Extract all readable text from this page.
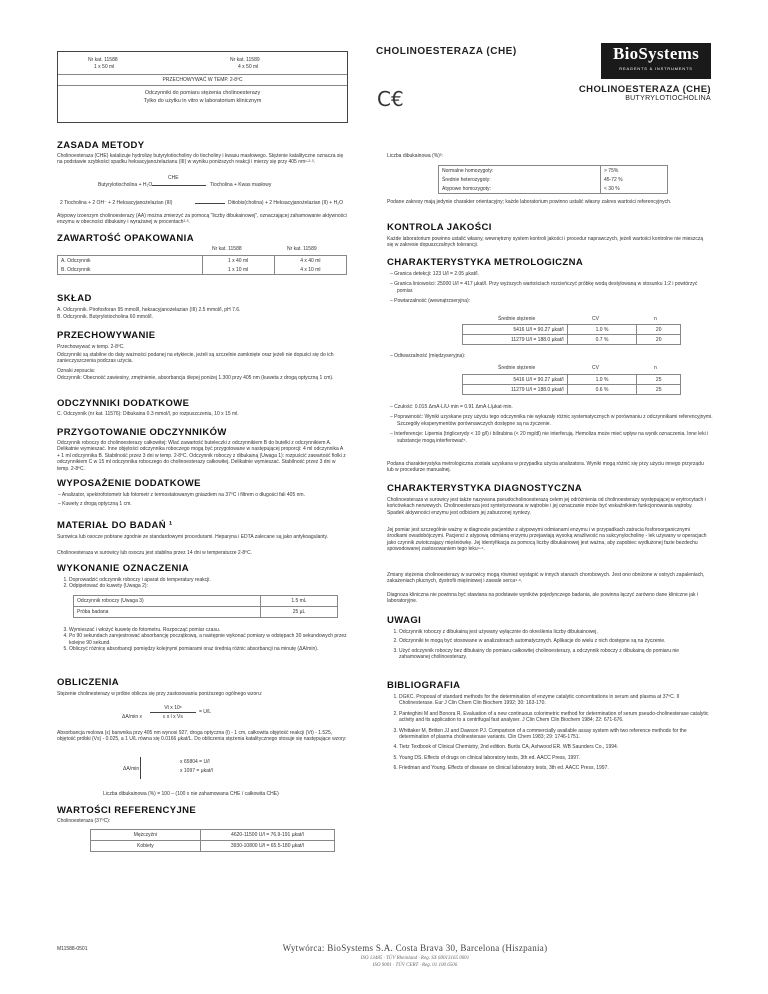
Nr kat. 11588
1 x 50 ml
Nr kat. 11589
4 x 50 ml
PRZECHOWYWAĆ W TEMP. 2-8ºC
Odczynniki do pomiaru stężenia cholinoesterazy
Tylko do użytku in vitro w laboratorium klinicznym
CHOLINOESTERAZA (CHE)
C€
BioSystems
REAGENTS & INSTRUMENTS
CHOLINOESTERAZA (CHE)
BUTYRYLOTIOCHOLINA
ZASADA METODY
Cholinoesteraza (CHE) katalizuje hydrolizę butyrylotiocholiny do tiocholiny i kwasu masłowego. Stężenie katalityczne oznacza się na podstawie szybkości spadku heksacyjanożelazianu (III) w wyniku poniższych reakcji i mierzy się przy 405 nm¹·²·³.
CHE
Butyrylotiocholina + H₂O	Tiocholina + Kwas masłowy
2 Tiocholina + 2 OH⁻ + 2 Heksacyjanożelazian (III)	Ditiobis(cholina) + 2 Heksacyjanożelazian (II) + H₂O
Atypowy izoenzym cholinoesterazy (AA) można zmierzyć za pomocą "liczby dibukainowej", oznaczającej zahamowanie aktywności enzymu w obecności dibukainy i wyrażanej w procentach²·³.
ZAWARTOŚĆ OPAKOWANIA
Nr kat. 11588	Nr kat. 11589
A. Odczynnik	1 x 40 ml	4 x 40 ml
B. Odczynnik	1 x 10 ml	4 x 10 ml
SKŁAD
A. Odczynnik. Pirofosforan 95 mmol/l, heksacyjanożelazian (III) 2.5 mmol/l, pH 7.6.
B. Odczynnik. Butyrylotiocholina 60 mmol/l.
PRZECHOWYWANIE
Przechowywać w temp. 2-8ºC.
Odczynniki są stabilne do daty ważności podanej na etykiecie, jeżeli są szczelnie zamknięte oraz jeżeli nie dopuści się do ich zanieczyszczenia podczas użycia.
Oznaki zepsucia:
Odczynnik: Obecność zawiesiny, zmętnienie, absorbancja ślepej poniżej 1.300 przy 405 nm (kuweta z drogą optyczną 1 cm).
ODCZYNNIKI DODATKOWE
C. Odczynnik (nr kat. 11576): Dibukaina 0.3 mmol/l, po rozpuszczeniu, 10 x 15 ml.
PRZYGOTOWANIE ODCZYNNIKÓW
Odczynnik roboczy do cholinoesterazy całkowitej: Wlać zawartość buteleczki z odczynnikiem B do butelki z odczynnikiem A. Delikatnie wymieszać. Inne objętości odczynnika roboczego mogą być przygotowane w następującej proporcji: 4 ml odczynnika A + 1 ml odczynnika B. Stabilność przez 3 dni w temp. 2-8ºC. Odczynnik roboczy z dibukainą (Uwaga 1): rozpuścić zawartość fiolki z odczynnikiem C w 15 ml odczynnika roboczego do cholinoesterazy całkowitej. Delikatnie wymieszać. Stabilność przez 3 dni w temp. 2-8ºC.
WYPOSAŻENIE DODATKOWE
– Analizator, spektrofotometr lub fotometr z termostatowanym gniazdem na 37ºC i filtrem o długości fali 405 nm.
– Kuwety z drogą optyczną 1 cm.
MATERIAŁ DO BADAŃ ¹
Surowica lub osocze pobrane zgodnie ze standardowymi procedurami. Heparyna i EDTA zalecane są jako antykoagulanty.
Cholinoesteraza w surowicy lub osoczu jest stabilna przez 14 dni w temperaturze 2-8ºC.
WYKONANIE OZNACZENIA
1. Doprowadzić odczynnik roboczy i aparat do temperatury reakcji.
2. Odpipetować do kuwety (Uwaga 2):
Odczynnik roboczy (Uwaga 3)	1.5 mL
Próba badana	25 µL
3. Wymieszać i włożyć kuwetę do fotometru. Rozpocząć pomiar czasu.
4. Po 90 sekundach zarejestrować absorbancję początkową, a następnie wykonać pomiary w odstępach 30 sekundowych przez kolejne 90 sekund.
5. Obliczyć różnicę absorbancji pomiędzy kolejnymi pomiarami oraz średnią różnic absorbancji na minutę (ΔA/min).
OBLICZENIA
Stężenie cholinesterazy w próbie oblicza się przy zastosowaniu poniższego ogólnego wzoru:
ΔA/min x
Vt x 10⁶
ε x l x Vs
= U/L
Absorbancja molowa (ε) barwnika przy 405 nm wynosi 927, droga optyczna (l) - 1 cm, całkowita objętość reakcji (Vt) - 1.525, objętość próbki (Vs) - 0.025, a 1 U/L równa się 0.0166 µkat/L. Do obliczenia stężenia katalitycznego stosuje się następujące wzory:
ΔA/min
x 65804 = U/l
x 1097 = µkat/l
Liczba dibukainowa (%) = 100 – (100 x nie zahamowana CHE / całkowita CHE)
WARTOŚCI REFERENCYJNE
Cholinoesteraza (37ºC):
Mężczyźni	4620-11500 U/l = 76.9-191 µkat/l
Kobiety	3930-10800 U/l = 65.5-180 µkat/l
M11588-0501
Liczba dibukainowa (%)³:
Normalne homozygoty:	> 75%
Średnie heterozygoty:	45-72 %
Atypowe homozygoty:	< 30 %
Podane zakresy mają jedynie charakter orientacyjny; każde laboratorium powinno ustalić własny zakres wartości referencyjnych.
KONTROLA JAKOŚCI
Każde laboratorium powinno ustalić własny, wewnętrzny system kontroli jakości i procedur naprawczych, jeżeli wartości kontrolne nie mieszczą się w zakresie dopuszczalnych tolerancji.
CHARAKTERYSTYKA METROLOGICZNA
– Granica detekcji: 123 U/l = 2.05 µkat/l.
– Granica liniowości: 25000 U/l = 417 µkat/l. Przy wyższych wartościach rozcieńczyć próbkę wodą destylowaną w stosunku 1:2 i powtórzyć pomiar.
– Powtarzalność (wewnątrzseryjna):
Średnie stężenie	CV	n
5416 U/l = 90.27 µkat/l	1.0 %	20
11279 U/l = 188.0 µkat/l	0.7 %	20
– Odtwarzalność (międzyseryjna):
Średnie stężenie	CV	n
5416 U/l = 90.27 µkat/l	1.0 %	25
11279 U/l = 188.0 µkat/l	0.6 %	25
– Czułość: 0.015 ΔmA·L/U·min = 0.91 ΔmA·L/µkat·min.
– Poprawność: Wyniki uzyskane przy użyciu tego odczynnika nie wykazały różnic systematycznych w porównaniu z odczynnikami referencyjnymi. Szczegóły eksperymentów porównawczych dostępne są na życzenie.
– Interferencje: Lipemia (triglicerydy < 10 g/l) i bilirubina (< 20 mg/dl) nie interferują. Hemoliza może mieć wpływ na wynik oznaczenia. Inne leki i substancje mogą interferować⁵.
Podana charakterystyka metrologiczna została uzyskana w przypadku użycia analizatora. Wyniki mogą różnić się przy użyciu innego przyrządu lub w procedurze manualnej.
CHARAKTERYSTYKA DIAGNOSTYCZNA
Cholinoesteraza w surowicy jest także nazywana pseudocholinoesterazą celem jej odróżnienia od cholinoesterazy występującej w erytrocytach i końcówkach nerwowych. Cholinoesteraza jest syntetyzowana w wątrobie i jej oznaczanie może być wskaźnikiem funkcjonowania wątroby. Spadek aktywności enzymu jest odbiciem jej zaburzonej syntezy.
Jej pomiar jest szczególnie ważny w diagnozie pacjentów z atypowymi odmianami enzymu i w przypadkach zatrucia fosforoorganicznymi środkami owadobójczymi. Pacjenci z atypową odmianą enzymu przejawiają wysoką wrażliwość na sukcynylocholinę - lek używany w operacjach jako czynnik zwiotczający mięśniówkę. Jej identyfikacja za pomocą liczby dibukainowej jest ważna, aby zapobiec wydłużonej fazie bezdechu spowodowanej zastosowaniem tego leku⁴·⁶.
Zmiany stężenia cholinoesterazy w surowicy mogą również wystąpić w innych stanach chorobowych. Jest ono obniżone w ostrych zapaleniach, zakażeniach płucnych, dystrofii mięśniowej i zawale serca⁴·⁶.
Diagnoza kliniczna nie powinna być stawiana na podstawie wyników pojedynczego badania, ale powinna łączyć zarówno dane kliniczne jak i laboratoryjne.
UWAGI
1. Odczynnik roboczy z dibukainą jest używany wyłącznie do określenia liczby dibukainowej.
2. Odczynniki te mogą być stosowane w analizatorach automatycznych. Aplikacje do wielu z nich dostępne są na życzenie.
3. Użyć odczynnik roboczy bez dibukainy do pomiaru całkowitej cholinoesterazy, a odczynnik roboczy z dibukainą do pomiaru nie zahamowanej cholinoesterazy.
BIBLIOGRAFIA
1. DGKC. Proposal of standard methods for the determination of enzyme catalytic concentrations in serum and plasma at 37ºC. II Cholinesterase. Eur J Clin Chem Clin Biochem 1992; 30: 163-170.
2. Panteghini M and Bonora R. Evaluation of a new continuous colorimetric method for determination of serum pseudo-cholinesterase catalytic activity and its application to a centrifugal fast analyser. J Clin Chem Clin Biochem 1984; 22: 671-676.
3. Whittaker M, Britten JJ and Dawson PJ. Comparison of a commercially available assay system with two reference methods for the determination of plasma cholinesterase variants. Clin Chem 1983; 29: 1746-1751.
4. Tietz Textbook of Clinical Chemistry, 2nd edition. Burtis CA, Ashwood ER. WB Saunders Co., 1994.
5. Young DS. Effects of drugs on clinical laboratory tests, 3th ed. AACC Press, 1997.
6. Friedman and Young. Effects of disease on clinical laboratory tests, 3th ed. AACC Press, 1997.
Wytwórca: BioSystems S.A. Costa Brava 30, Barcelona (Hiszpania)
ISO 13485 · TÜV Rheinland · Reg. SX 60013165 0001
ISO 9001 · TÜV CERT · Reg. 01 100 6506
